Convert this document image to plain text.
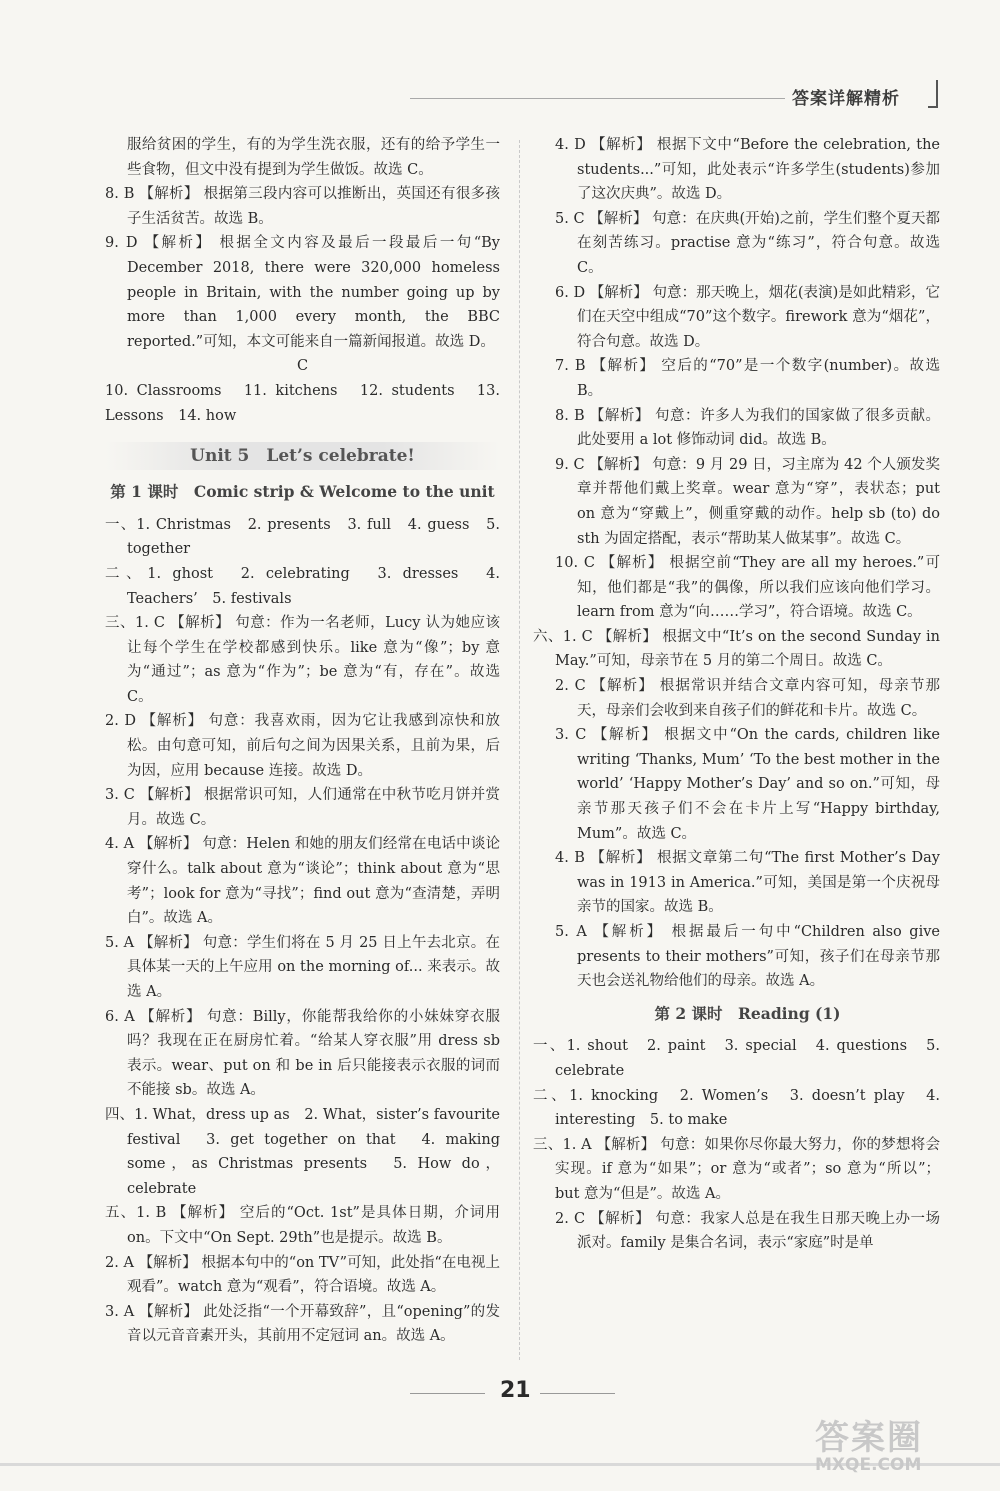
答案详解精析

服给贫困的学生，有的为学生洗衣服，还有的给予学生一些食物，但文中没有提到为学生做饭。故选 C。

8. B 【解析】 根据第三段内容可以推断出，英国还有很多孩子生活贫苦。故选 B。

9. D 【解析】 根据全文内容及最后一段最后一句“By December 2018, there were 320,000 homeless people in Britain, with the number going up by more than 1,000 every month, the BBC reported.”可知，本文可能来自一篇新闻报道。故选 D。

C

10. Classrooms　11. kitchens　12. students　13. Lessons　14. how

Unit 5　Let’s celebrate!
第 1 课时　Comic strip & Welcome to the unit

一、1. Christmas　2. presents　3. full　4. guess　5. together

二、1. ghost　2. celebrating　3. dresses　4. Teachers’　5. festivals

三、1. C 【解析】 句意：作为一名老师，Lucy 认为她应该让每个学生在学校都感到快乐。like 意为“像”；by 意为“通过”；as 意为“作为”；be 意为“有，存在”。故选 C。

2. D 【解析】 句意：我喜欢雨，因为它让我感到凉快和放松。由句意可知，前后句之间为因果关系，且前为果，后为因，应用 because 连接。故选 D。

3. C 【解析】 根据常识可知，人们通常在中秋节吃月饼并赏月。故选 C。

4. A 【解析】 句意：Helen 和她的朋友们经常在电话中谈论穿什么。talk about 意为“谈论”；think about 意为“思考”；look for 意为“寻找”；find out 意为“查清楚，弄明白”。故选 A。

5. A 【解析】 句意：学生们将在 5 月 25 日上午去北京。在具体某一天的上午应用 on the morning of... 来表示。故选 A。

6. A 【解析】 句意：Billy，你能帮我给你的小妹妹穿衣服吗？我现在正在厨房忙着。“给某人穿衣服”用 dress sb 表示。wear、put on 和 be in 后只能接表示衣服的词而不能接 sb。故选 A。

四、1. What，dress up as　2. What，sister’s favourite festival　3. get together on that　4. making some，as Christmas presents　5. How do，celebrate

五、1. B 【解析】 空后的“Oct. 1st”是具体日期，介词用 on。下文中“On Sept. 29th”也是提示。故选 B。

2. A 【解析】 根据本句中的“on TV”可知，此处指“在电视上观看”。watch 意为“观看”，符合语境。故选 A。

3. A 【解析】 此处泛指“一个开幕致辞”，且“opening”的发音以元音音素开头，其前用不定冠词 an。故选 A。

4. D 【解析】 根据下文中“Before the celebration, the students...”可知，此处表示“许多学生(students)参加了这次庆典”。故选 D。

5. C 【解析】 句意：在庆典(开始)之前，学生们整个夏天都在刻苦练习。practise 意为“练习”，符合句意。故选 C。

6. D 【解析】 句意：那天晚上，烟花(表演)是如此精彩，它们在天空中组成“70”这个数字。firework 意为“烟花”，符合句意。故选 D。

7. B 【解析】 空后的“70”是一个数字(number)。故选 B。

8. B 【解析】 句意：许多人为我们的国家做了很多贡献。此处要用 a lot 修饰动词 did。故选 B。

9. C 【解析】 句意：9 月 29 日，习主席为 42 个人颁发奖章并帮他们戴上奖章。wear 意为“穿”，表状态；put on 意为“穿戴上”，侧重穿戴的动作。help sb (to) do sth 为固定搭配，表示“帮助某人做某事”。故选 C。

10. C 【解析】 根据空前“They are all my heroes.”可知，他们都是“我”的偶像，所以我们应该向他们学习。learn from 意为“向……学习”，符合语境。故选 C。

六、1. C 【解析】 根据文中“It’s on the second Sunday in May.”可知，母亲节在 5 月的第二个周日。故选 C。

2. C 【解析】 根据常识并结合文章内容可知，母亲节那天，母亲们会收到来自孩子们的鲜花和卡片。故选 C。

3. C 【解析】 根据文中“On the cards, children like writing ‘Thanks, Mum’ ‘To the best mother in the world’ ‘Happy Mother’s Day’ and so on.”可知，母亲节那天孩子们不会在卡片上写“Happy birthday, Mum”。故选 C。

4. B 【解析】 根据文章第二句“The first Mother’s Day was in 1913 in America.”可知，美国是第一个庆祝母亲节的国家。故选 B。

5. A 【解析】 根据最后一句中“Children also give presents to their mothers”可知，孩子们在母亲节那天也会送礼物给他们的母亲。故选 A。

第 2 课时　Reading (1)

一、1. shout　2. paint　3. special　4. questions　5. celebrate

二、1. knocking　2. Women’s　3. doesn’t play　4. interesting　5. to make

三、1. A 【解析】 句意：如果你尽你最大努力，你的梦想将会实现。if 意为“如果”；or 意为“或者”；so 意为“所以”；but 意为“但是”。故选 A。

2. C 【解析】 句意：我家人总是在我生日那天晚上办一场派对。family 是集合名词，表示“家庭”时是单

21
答案圈
MXQE.COM
